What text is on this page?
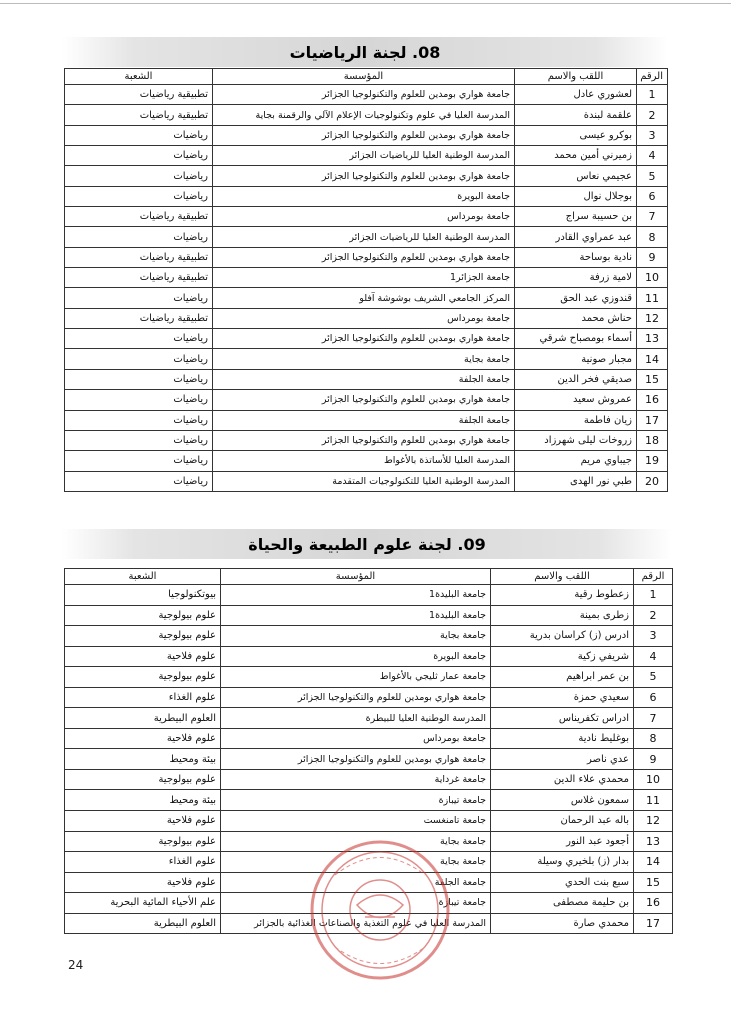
08. لجنة الرياضيات
الرقم	اللقب والاسم	المؤسسة	الشعبة
1	لعشوري عادل	جامعة هواري بومدين للعلوم والتكنولوجيا الجزائر	تطبيقية رياضيات
2	علقمة لبندة	المدرسة العليا في علوم وتكنولوجيات الإعلام الآلي والرقمنة بجاية	تطبيقية رياضيات
3	بوكرو عيسى	جامعة هواري بومدين للعلوم والتكنولوجيا الجزائر	رياضيات
4	زميرني أمين محمد	المدرسة الوطنية العليا للرياضيات الجزائر	رياضيات
5	عجيمي نعاس	جامعة هواري بومدين للعلوم والتكنولوجيا الجزائر	رياضيات
6	بوجلال نوال	جامعة البويرة	رياضيات
7	بن حسيبة سراج	جامعة بومرداس	تطبيقية رياضيات
8	عبد عمراوي القادر	المدرسة الوطنية العليا للرياضيات الجزائر	رياضيات
9	نادية بوساحة	جامعة هواري بومدين للعلوم والتكنولوجيا الجزائر	تطبيقية رياضيات
10	لامية زرفة	جامعة الجزائر1	تطبيقية رياضيات
11	قندوزي عبد الحق	المركز الجامعي الشريف بوشوشة آفلو	رياضيات
12	حناش محمد	جامعة بومرداس	تطبيقية رياضيات
13	أسماء بومصباح شرقي	جامعة هواري بومدين للعلوم والتكنولوجيا الجزائر	رياضيات
14	مجبار صونية	جامعة بجاية	رياضيات
15	صديقي فخر الدين	جامعة الجلفة	رياضيات
16	عمروش سعيد	جامعة هواري بومدين للعلوم والتكنولوجيا الجزائر	رياضيات
17	زيان فاطمة	جامعة الجلفة	رياضيات
18	زروخات ليلى شهرزاد	جامعة هواري بومدين للعلوم والتكنولوجيا الجزائر	رياضيات
19	جيباوي مريم	المدرسة العليا للأساتذة بالأغواط	رياضيات
20	طبي نور الهدى	المدرسة الوطنية العليا للتكنولوجيات المتقدمة	رياضيات
09. لجنة علوم الطبيعة والحياة
الرقم	اللقب والاسم	المؤسسة	الشعبة
1	زعطوط رقية	جامعة البليدة1	بيوتكنولوجيا
2	زطرى بمينة	جامعة البليدة1	علوم بيولوجية
3	ادرس (ز) كراسان بدرية	جامعة بجاية	علوم بيولوجية
4	شريفي زكية	جامعة البويرة	علوم فلاحية
5	بن عمر ابراهيم	جامعة عمار ثليجي بالأغواط	علوم بيولوجية
6	سعيدي حمزة	جامعة هواري بومدين للعلوم والتكنولوجيا الجزائر	علوم الغذاء
7	ادراس تكفريناس	المدرسة الوطنية العليا للبيطرة	العلوم البيطرية
8	بوغليط نادية	جامعة بومرداس	علوم فلاحية
9	عدي ناصر	جامعة هواري بومدين للعلوم والتكنولوجيا الجزائر	بيئة ومحيط
10	محمدي علاء الدين	جامعة غرداية	علوم بيولوجية
11	سمعون غلاس	جامعة تيبازة	بيئة ومحيط
12	باله عبد الرحمان	جامعة تامنغست	علوم فلاحية
13	أجعود عبد النور	جامعة بجاية	علوم بيولوجية
14	بدار (ز) بلخيري وسيلة	جامعة بجاية	علوم الغذاء
15	سبع بنت الحدي	جامعة الجلفة	علوم فلاحية
16	بن حليمة مصطفى	جامعة تيبازة	علم الأحياء المائية البحرية
17	محمدي صارة	المدرسة العليا في علوم التغذية والصناعات الغذائية بالجزائر	العلوم البيطرية
24
